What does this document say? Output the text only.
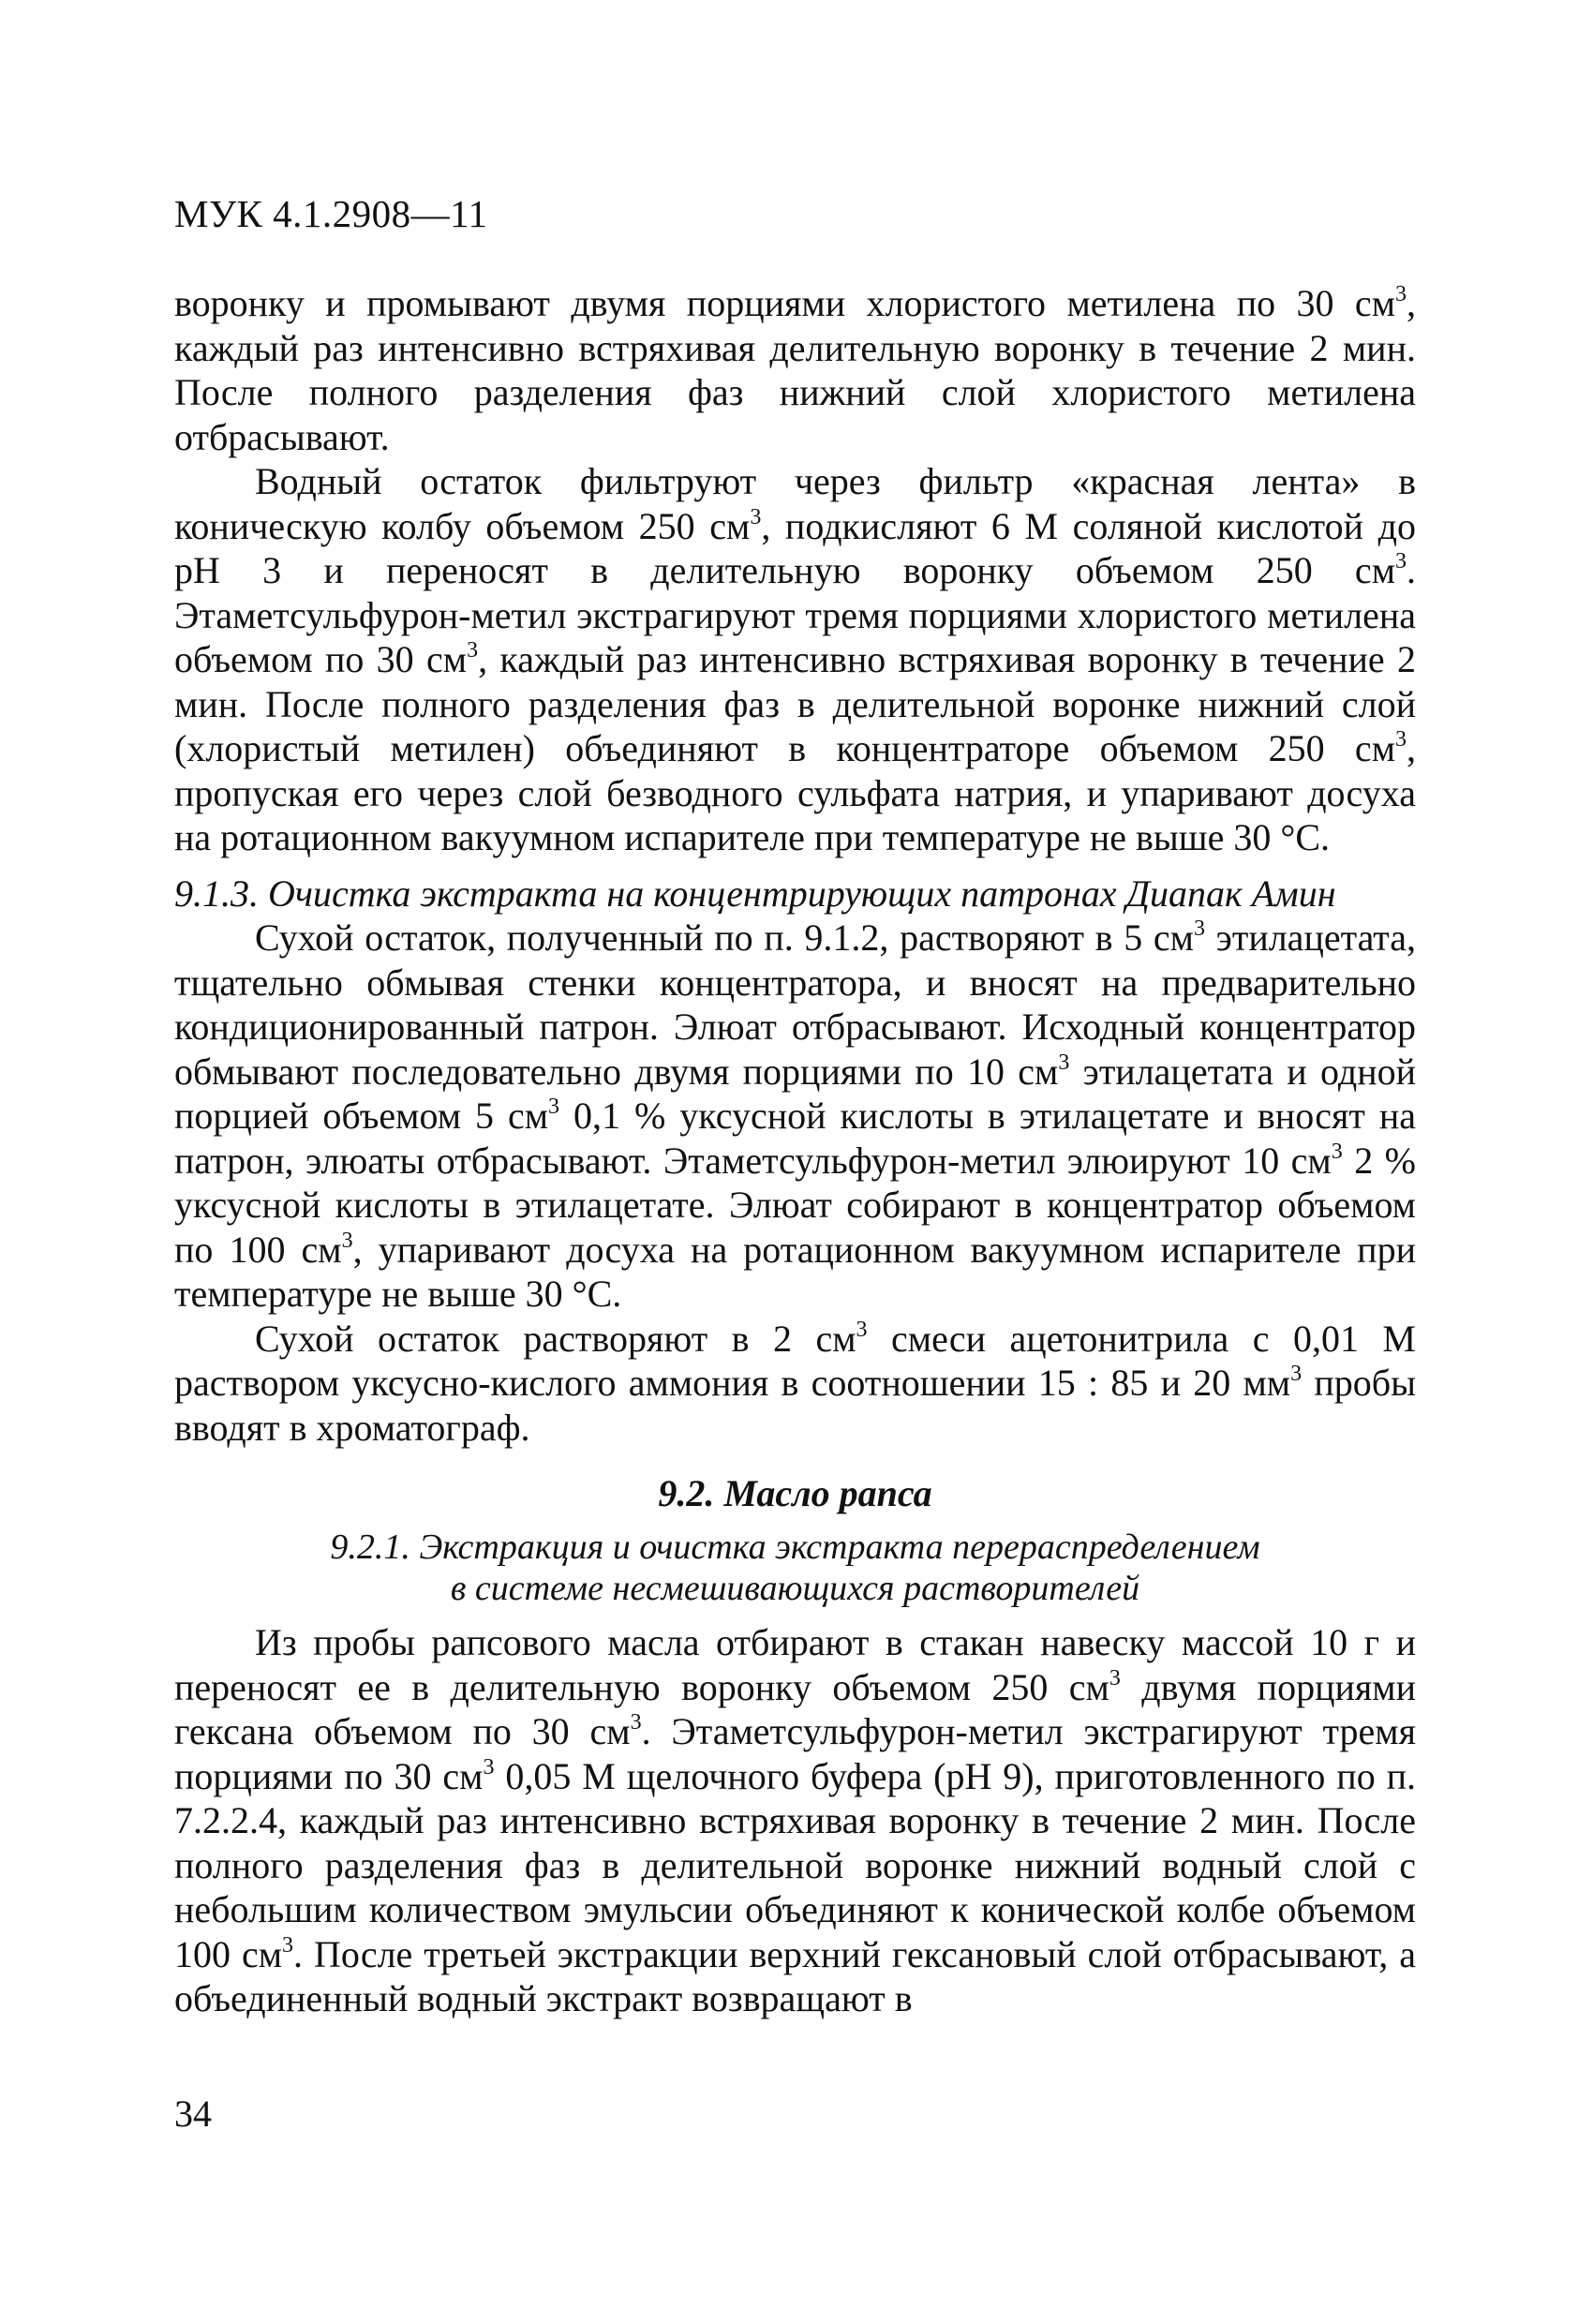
МУК 4.1.2908—11

воронку и промывают двумя порциями хлористого метилена по 30 $см^3$, каждый раз интенсивно встряхивая делительную воронку в течение 2 мин. После полного разделения фаз нижний слой хлористого метилена отбрасывают.

Водный остаток фильтруют через фильтр «красная лента» в коническую колбу объемом 250 $см^3$, подкисляют 6 М соляной кислотой до рН 3 и переносят в делительную воронку объемом 250 $см^3$. Этаметсульфурон-метил экстрагируют тремя порциями хлористого метилена объемом по 30 $см^3$, каждый раз интенсивно встряхивая воронку в течение 2 мин. После полного разделения фаз в делительной воронке нижний слой (хлористый метилен) объединяют в концентраторе объемом 250 $см^3$, пропуская его через слой безводного сульфата натрия, и упаривают досуха на ротационном вакуумном испарителе при температуре не выше 30 °С.

9.1.3. Очистка экстракта на концентрирующих патронах Диапак Амин

Сухой остаток, полученный по п. 9.1.2, растворяют в 5 $см^3$ этилацетата, тщательно обмывая стенки концентратора, и вносят на предварительно кондиционированный патрон. Элюат отбрасывают. Исходный концентратор обмывают последовательно двумя порциями по 10 $см^3$ этилацетата и одной порцией объемом 5 $см^3$ 0,1 % уксусной кислоты в этилацетате и вносят на патрон, элюаты отбрасывают. Этаметсульфурон-метил элюируют 10 $см^3$ 2 % уксусной кислоты в этилацетате. Элюат собирают в концентратор объемом по 100 $см^3$, упаривают досуха на ротационном вакуумном испарителе при температуре не выше 30 °С.

Сухой остаток растворяют в 2 $см^3$ смеси ацетонитрила с 0,01 М раствором уксусно-кислого аммония в соотношении 15 : 85 и 20 $мм^3$ пробы вводят в хроматограф.

9.2. Масло рапса
9.2.1. Экстракция и очистка экстракта перераспределением
в системе несмешивающихся растворителей

Из пробы рапсового масла отбирают в стакан навеску массой 10 г и переносят ее в делительную воронку объемом 250 $см^3$ двумя порциями гексана объемом по 30 $см^3$. Этаметсульфурон-метил экстрагируют тремя порциями по 30 $см^3$ 0,05 М щелочного буфера (рН 9), приготовленного по п. 7.2.2.4, каждый раз интенсивно встряхивая воронку в течение 2 мин. После полного разделения фаз в делительной воронке нижний водный слой с небольшим количеством эмульсии объединяют к конической колбе объемом 100 $см^3$. После третьей экстракции верхний гексановый слой отбрасывают, а объединенный водный экстракт возвращают в

34
